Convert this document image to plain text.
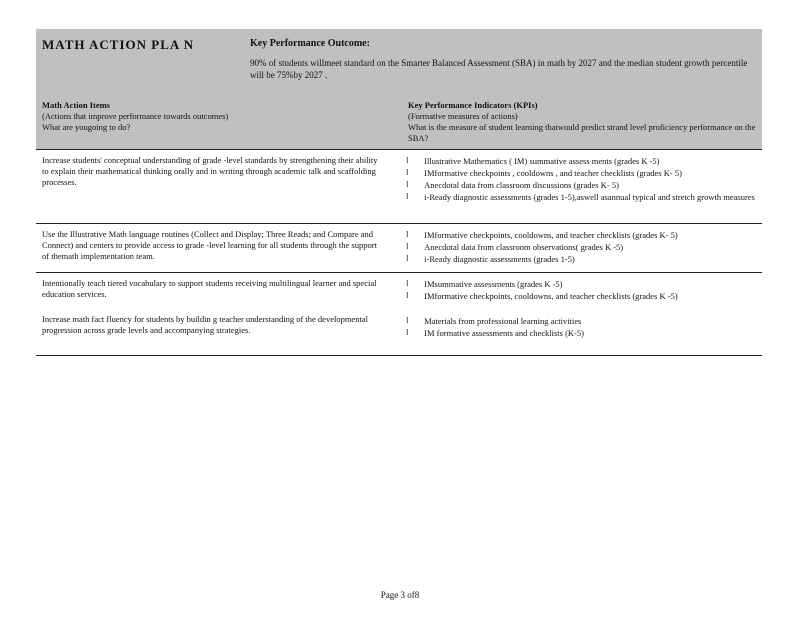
MATH ACTION PLA N	Key Performance Outcome:
90% of students willmeet standard on the Smarter Balanced Assessment (SBA) in math by 2027 and the median student growth percentile will be 75%by 2027 .
Math Action Items
(Actions that improve performance towards outcomes)
What are yougoing to do?
Key Performance Indicators (KPIs)
(Formative measures of actions)
What is the measure of student learning thatwould predict strand level proficiency performance on the SBA?
Increase students' conceptual understanding of grade -level standards by strengthening their ability to explain their mathematical thinking orally and in writing through academic talk and scaffolding processes.
l Illustrative Mathematics ( IM) summative assess ments (grades K -5)
l IMformative checkpoints , cooldowns , and teacher checklists (grades K- 5)
l Anecdotal data from classroom discussions (grades K- 5)
l i-Ready diagnostic assessments (grades 1-5),aswell asannual typical and stretch growth measures
Use the Illustrative Math language routines (Collect and Display; Three Reads; and Compare and Connect) and centers to provide access to grade -level learning for all students through the support of themath implementation team.
l IMformative checkpoints, cooldowns, and teacher checklists (grades K- 5)
l Anecdotal data from classroom observations( grades K -5)
l i-Ready diagnostic assessments (grades 1-5)
Intentionally teach tiered vocabulary to support students receiving multilingual learner and special education services.
Increase math fact fluency for students by buildin g teacher understanding of the developmental progression across grade levels and accompanying strategies.
l IMsummative assessments (grades K -5)
l IMformative checkpoints, cooldowns, and teacher checklists (grades K -5)
l Materials from professional learning activities
l IM formative assessments and checklists (K-5)
Page 3 of8
